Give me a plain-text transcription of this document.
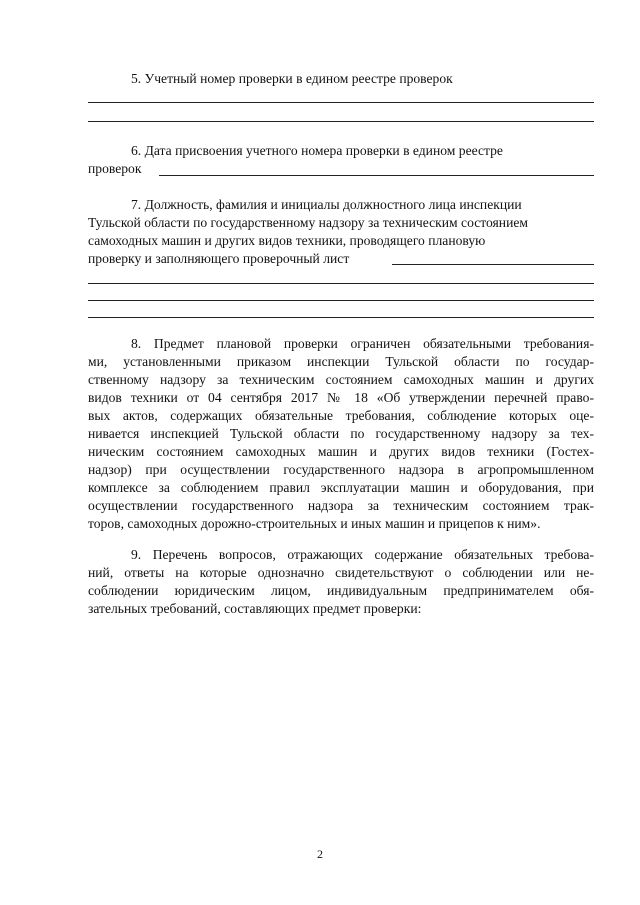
5. Учетный номер проверки в едином реестре проверок
6. Дата присвоения учетного номера проверки в едином реестре
проверок
7. Должность, фамилия и инициалы должностного лица инспекции
Тульской области по государственному надзору за техническим состоянием
самоходных машин и других видов техники, проводящего плановую
проверку и заполняющего проверочный лист
8. Предмет плановой проверки ограничен обязательными требования-
ми, установленными приказом инспекции Тульской области по государ-
ственному надзору за техническим состоянием самоходных машин и других
видов техники от 04 сентября 2017 № 18 «Об утверждении перечней право-
вых актов, содержащих обязательные требования, соблюдение которых оце-
нивается инспекцией Тульской области по государственному надзору за тех-
ническим состоянием самоходных машин и других видов техники (Гостех-
надзор) при осуществлении государственного надзора в агропромышленном
комплексе за соблюдением правил эксплуатации машин и оборудования, при
осуществлении государственного надзора за техническим состоянием трак-
торов, самоходных дорожно-строительных и иных машин и прицепов к ним».
9. Перечень вопросов, отражающих содержание обязательных требова-
ний, ответы на которые однозначно свидетельствуют о соблюдении или не-
соблюдении юридическим лицом, индивидуальным предпринимателем обя-
зательных требований, составляющих предмет проверки:
2
